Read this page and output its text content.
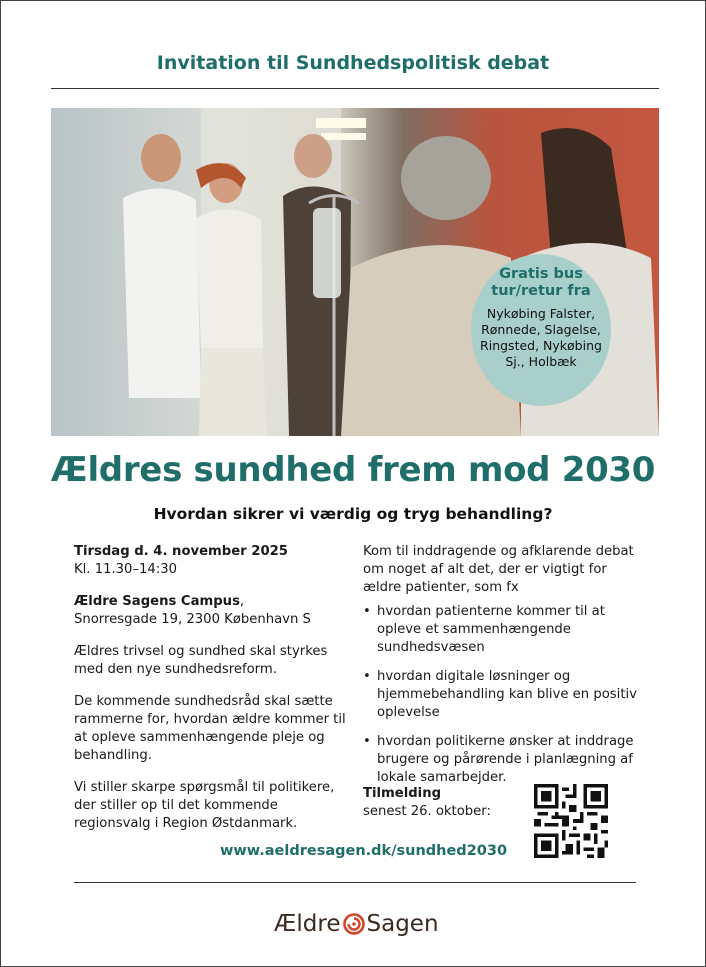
Invitation til Sundhedspolitisk debat
Gratis bus tur/retur fra
Nykøbing Falster, Rønnede, Slagelse, Ringsted, Nykøbing Sj., Holbæk
Ældres sundhed frem mod 2030
Hvordan sikrer vi værdig og tryg behandling?

Tirsdag d. 4. november 2025
Kl. 11.30–14:30

Ældre Sagens Campus,
Snorresgade 19, 2300 København S

Ældres trivsel og sundhed skal styrkes med den nye sundhedsreform.

De kommende sundhedsråd skal sætte rammerne for, hvordan ældre kommer til at opleve sammenhængende pleje og behandling.

Vi stiller skarpe spørgsmål til politikere, der stiller op til det kommende regionsvalg i Region Østdanmark.

Kom til inddragende og afklarende debat om noget af alt det, der er vigtigt for ældre patienter, som fx

• hvordan patienterne kommer til at opleve et sammenhængende sundhedsvæsen
• hvordan digitale løsninger og hjemmebehandling kan blive en positiv oplevelse
• hvordan politikerne ønsker at inddrage brugere og pårørende i planlægning af lokale samarbejder.
Tilmelding
senest 26. oktober:
www.aeldresagen.dk/sundhed2030
Ældre Sagen
